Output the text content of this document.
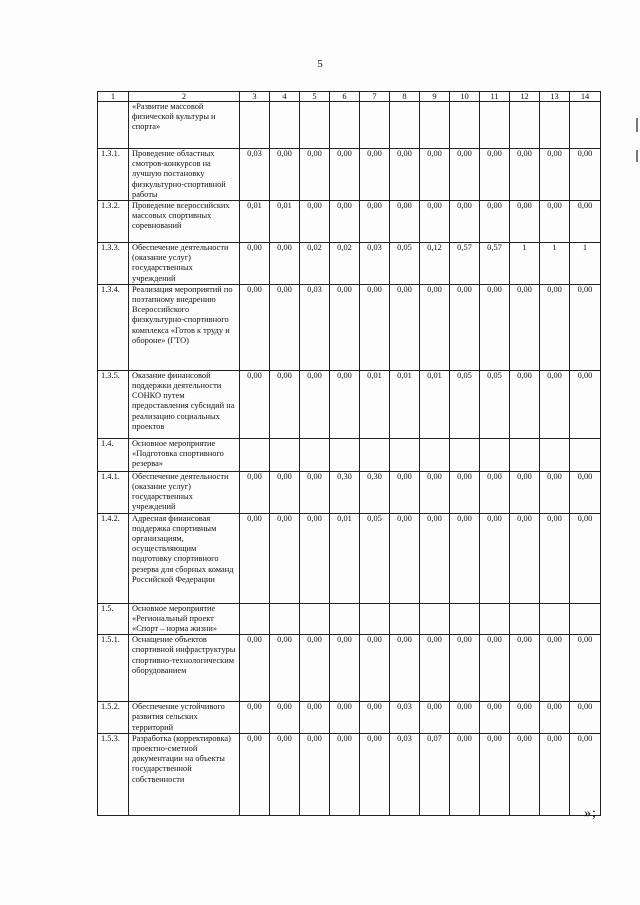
5
1	2	3	4	5	6	7	8	9	10	11	12	13	14
	«Развитие массовой физической культуры и спорта»												
1.3.1.	Проведение областных смотров-конкурсов на лучшую постановку физкультурно-спортивной работы	0,03	0,00	0,00	0,00	0,00	0,00	0,00	0,00	0,00	0,00	0,00	0,00
1.3.2.	Проведение всероссийских массовых спортивных соревнований	0,01	0,01	0,00	0,00	0,00	0,00	0,00	0,00	0,00	0,00	0,00	0,00
1.3.3.	Обеспечение деятельности (оказание услуг) государственных учреждений	0,00	0,00	0,02	0,02	0,03	0,05	0,12	0,57	0,57	1	1	1
1.3.4.	Реализация мероприятий по поэтапному внедрению Всероссийского физкультурно-спортивного комплекса «Готов к труду и обороне» (ГТО)	0,00	0,00	0,03	0,00	0,00	0,00	0,00	0,00	0,00	0,00	0,00	0,00
1.3.5.	Оказание финансовой поддержки деятельности СОНКО путем предоставления субсидий на реализацию социальных проектов	0,00	0,00	0,00	0,00	0,01	0,01	0,01	0,05	0,05	0,00	0,00	0,00
1.4.	Основное мероприятие «Подготовка спортивного резерва»												
1.4.1.	Обеспечение деятельности (оказание услуг) государственных учреждений	0,00	0,00	0,00	0,30	0,30	0,00	0,00	0,00	0,00	0,00	0,00	0,00
1.4.2.	Адресная финансовая поддержка спортивным организациям, осуществляющим подготовку спортивного резерва для сборных команд Российской Федерации	0,00	0,00	0,00	0,01	0,05	0,00	0,00	0,00	0,00	0,00	0,00	0,00
1.5.	Основное мероприятие «Региональный проект «Спорт – норма жизни»												
1.5.1.	Оснащение объектов спортивной инфраструктуры спортивно-технологическим оборудованием	0,00	0,00	0,00	0,00	0,00	0,00	0,00	0,00	0,00	0,00	0,00	0,00
1.5.2.	Обеспечение устойчивого развития сельских территорий	0,00	0,00	0,00	0,00	0,00	0,03	0,00	0,00	0,00	0,00	0,00	0,00
1.5.3.	Разработка (корректировка) проектно-сметной документации на объекты государственной собственности	0,00	0,00	0,00	0,00	0,00	0,03	0,07	0,00	0,00	0,00	0,00	0,00
»;
